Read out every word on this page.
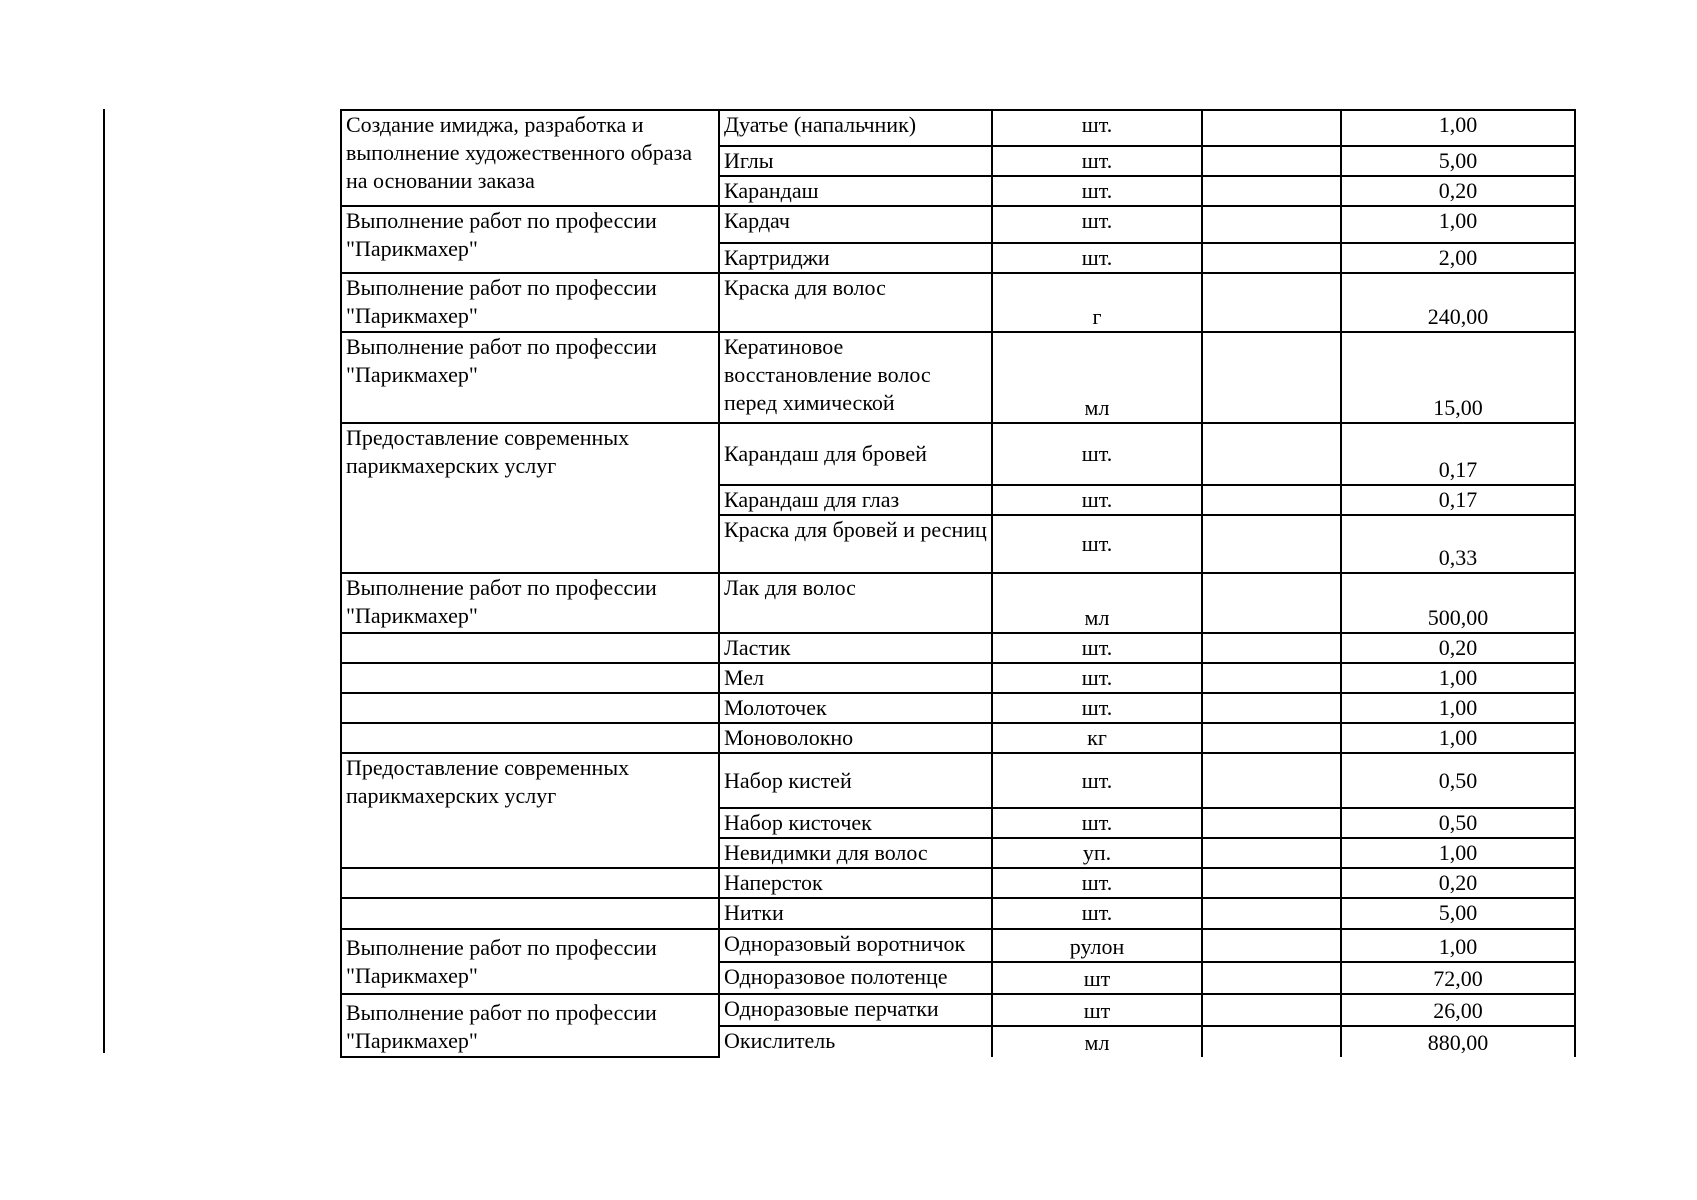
Создание имиджа, разработка и выполнение художественного образа на основании заказа	Дуатье (напальчник)	шт.		1,00
	Иглы	шт.		5,00
	Карандаш	шт.		0,20
Выполнение работ по профессии "Парикмахер"	Кардач	шт.		1,00
	Картриджи	шт.		2,00
Выполнение работ по профессии "Парикмахер"	Краска для волос	г		240,00
Выполнение работ по профессии "Парикмахер"	Кератиновое восстановление волос перед химической	мл		15,00
Предоставление современных парикмахерских услуг	Карандаш для бровей	шт.		0,17
	Карандаш для глаз	шт.		0,17
	Краска для бровей и ресниц	шт.		0,33
Выполнение работ по профессии "Парикмахер"	Лак для волос	мл		500,00
	Ластик	шт.		0,20
	Мел	шт.		1,00
	Молоточек	шт.		1,00
	Моноволокно	кг		1,00
Предоставление современных парикмахерских услуг	Набор кистей	шт.		0,50
	Набор кисточек	шт.		0,50
	Невидимки для волос	уп.		1,00
	Наперсток	шт.		0,20
	Нитки	шт.		5,00
Выполнение работ по профессии "Парикмахер"	Одноразовый воротничок	рулон		1,00
	Одноразовое полотенце	шт		72,00
Выполнение работ по профессии "Парикмахер"	Одноразовые перчатки	шт		26,00
	Окислитель	мл		880,00
